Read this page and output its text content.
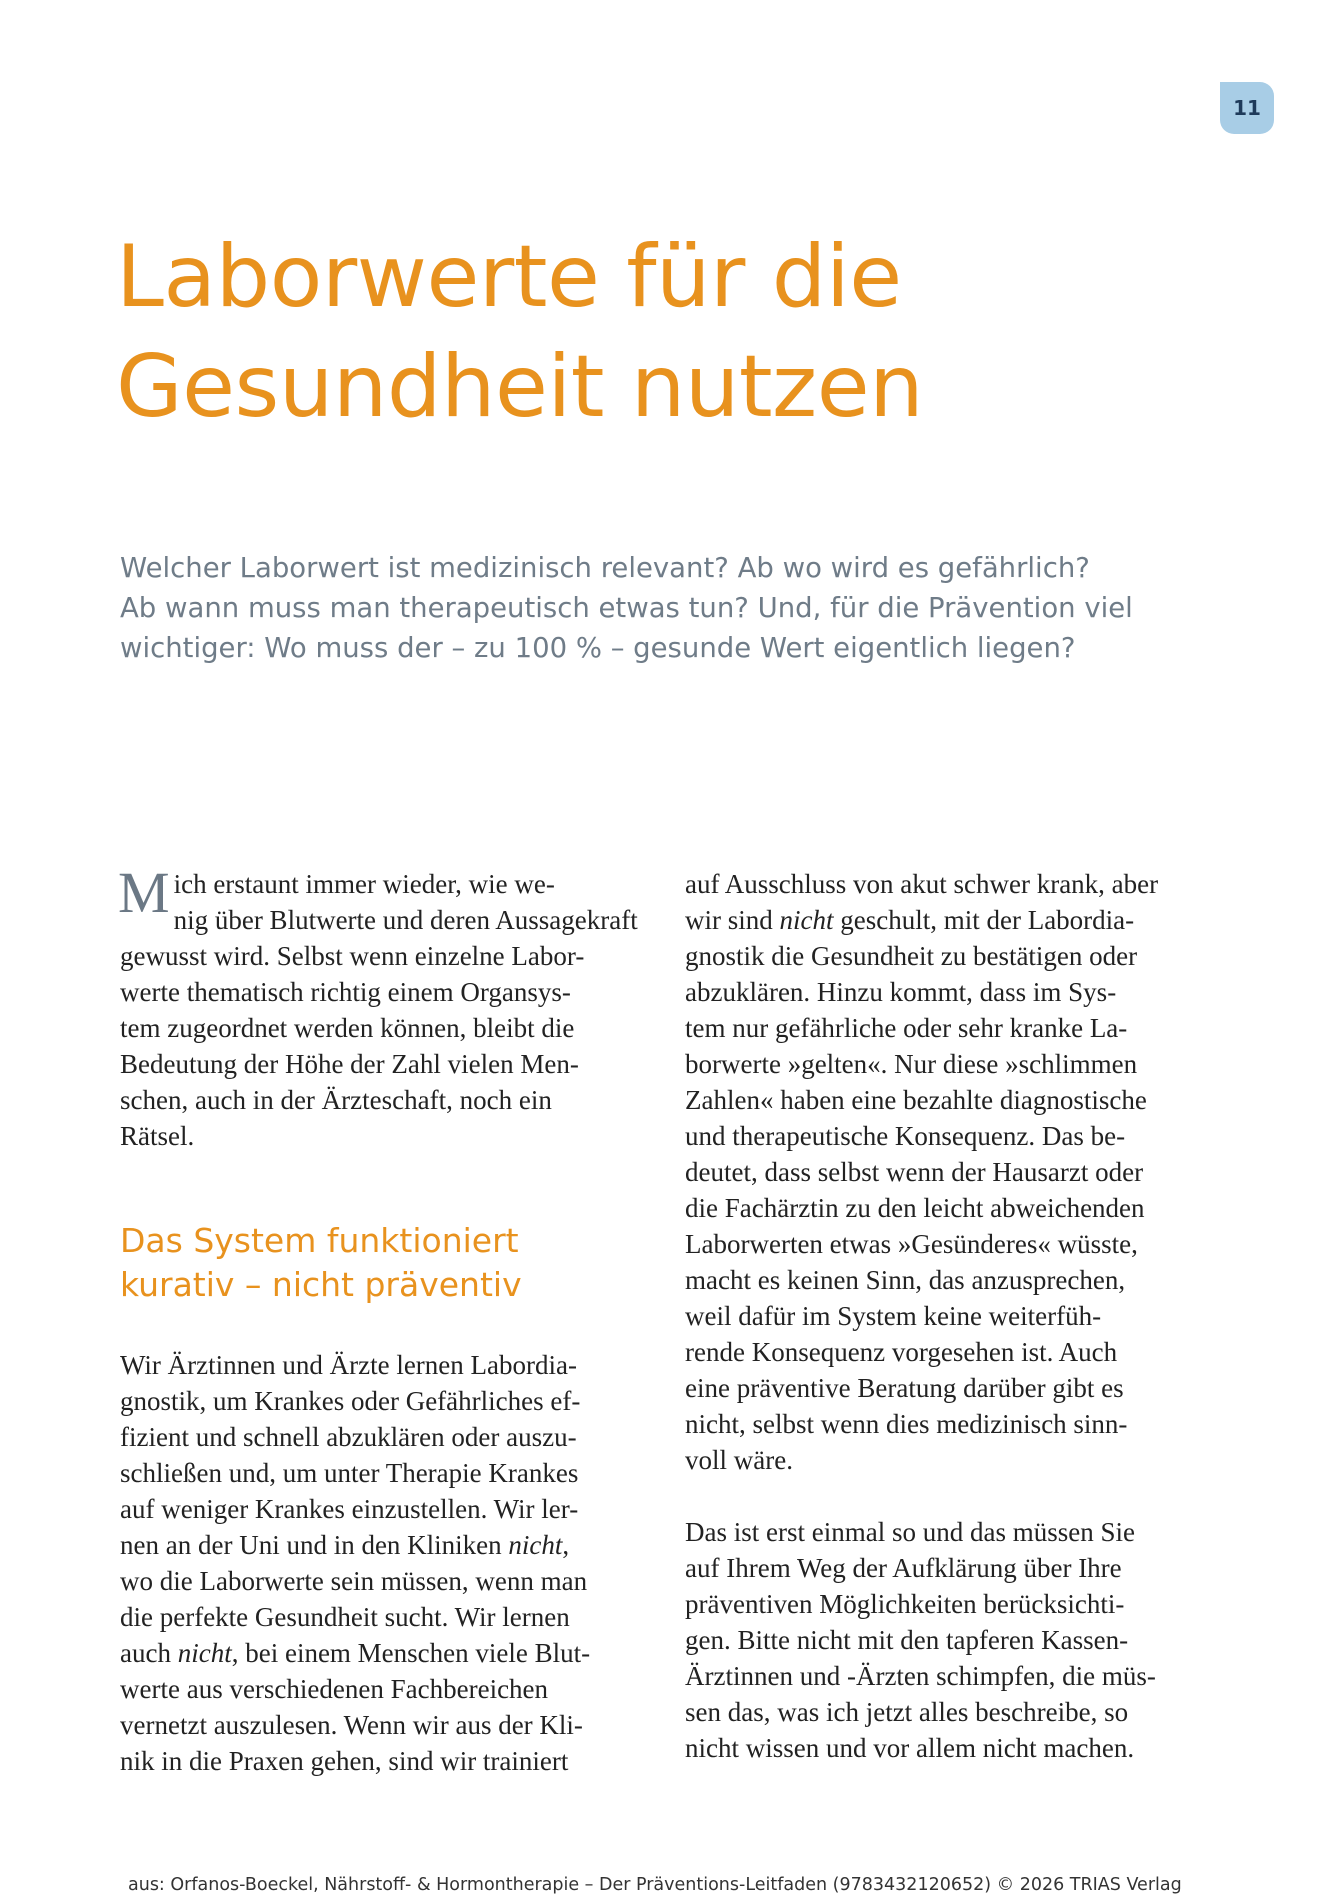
11
Laborwerte für die
Gesundheit nutzen

Welcher Laborwert ist medizinisch relevant? Ab wo wird es gefährlich?
Ab wann muss man therapeutisch etwas tun? Und, für die Prävention viel
wichtiger: Wo muss der – zu 100 % – gesunde Wert eigentlich liegen?

M ich erstaunt immer wieder, wie we-
nig über Blutwerte und deren Aussagekraft
gewusst wird. Selbst wenn einzelne Labor-
werte thematisch richtig einem Organsys-
tem zugeordnet werden können, bleibt die
Bedeutung der Höhe der Zahl vielen Men-
schen, auch in der Ärzteschaft, noch ein
Rätsel.

Das System funktioniert
kurativ – nicht präventiv

Wir Ärztinnen und Ärzte lernen Labordia-
gnostik, um Krankes oder Gefährliches ef-
fizient und schnell abzuklären oder auszu-
schließen und, um unter Therapie Krankes
auf weniger Krankes einzustellen. Wir ler-
nen an der Uni und in den Kliniken nicht,
wo die Laborwerte sein müssen, wenn man
die perfekte Gesundheit sucht. Wir lernen
auch nicht, bei einem Menschen viele Blut-
werte aus verschiedenen Fachbereichen
vernetzt auszulesen. Wenn wir aus der Kli-
nik in die Praxen gehen, sind wir trainiert

auf Ausschluss von akut schwer krank, aber
wir sind nicht geschult, mit der Labordia-
gnostik die Gesundheit zu bestätigen oder
abzuklären. Hinzu kommt, dass im Sys-
tem nur gefährliche oder sehr kranke La-
borwerte »gelten«. Nur diese »schlimmen
Zahlen« haben eine bezahlte diagnostische
und therapeutische Konsequenz. Das be-
deutet, dass selbst wenn der Hausarzt oder
die Fachärztin zu den leicht abweichenden
Laborwerten etwas »Gesünderes« wüsste,
macht es keinen Sinn, das anzusprechen,
weil dafür im System keine weiterfüh-
rende Konsequenz vorgesehen ist. Auch
eine präventive Beratung darüber gibt es
nicht, selbst wenn dies medizinisch sinn-
voll wäre.

Das ist erst einmal so und das müssen Sie
auf Ihrem Weg der Aufklärung über Ihre
präventiven Möglichkeiten berücksichti-
gen. Bitte nicht mit den tapferen Kassen-
Ärztinnen und -Ärzten schimpfen, die müs-
sen das, was ich jetzt alles beschreibe, so
nicht wissen und vor allem nicht machen.

aus: Orfanos-Boeckel, Nährstoff- & Hormontherapie – Der Präventions-Leitfaden (9783432120652) © 2026 TRIAS Verlag
